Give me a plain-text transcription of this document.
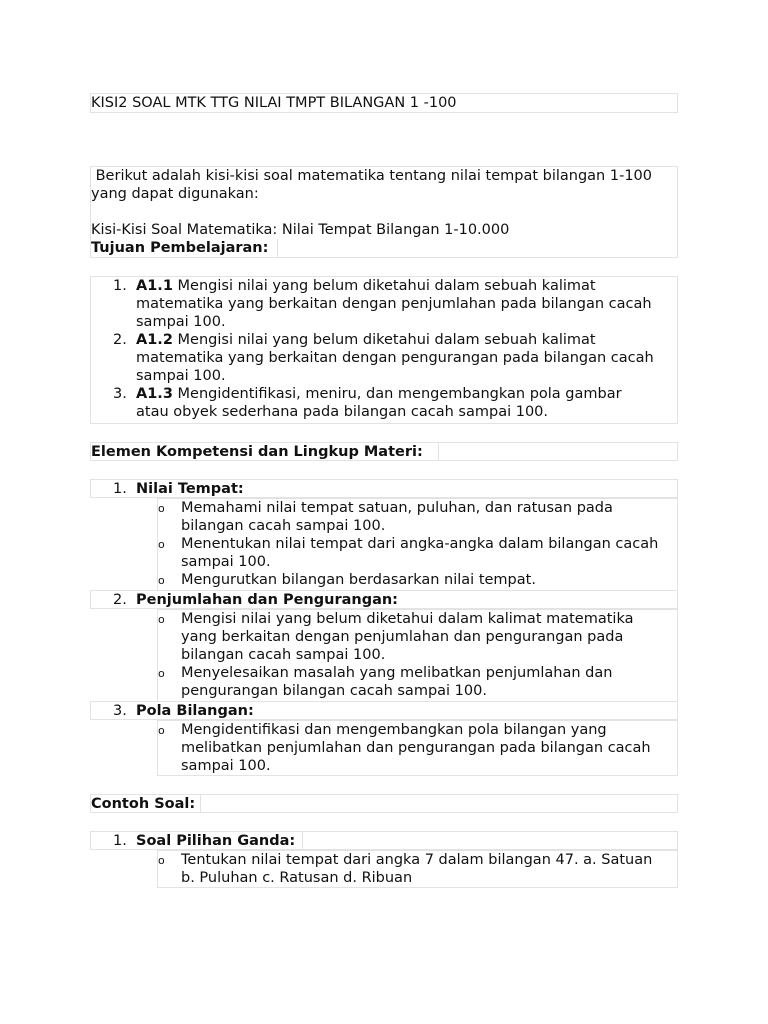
KISI2 SOAL MTK TTG NILAI TMPT BILANGAN 1 -100
Berikut adalah kisi-kisi soal matematika tentang nilai tempat bilangan 1-100
yang dapat digunakan:
Kisi-Kisi Soal Matematika: Nilai Tempat Bilangan 1-10.000
Tujuan Pembelajaran:
1. A1.1 Mengisi nilai yang belum diketahui dalam sebuah kalimat
matematika yang berkaitan dengan penjumlahan pada bilangan cacah
sampai 100.
2. A1.2 Mengisi nilai yang belum diketahui dalam sebuah kalimat
matematika yang berkaitan dengan pengurangan pada bilangan cacah
sampai 100.
3. A1.3 Mengidentifikasi, meniru, dan mengembangkan pola gambar
atau obyek sederhana pada bilangan cacah sampai 100.
Elemen Kompetensi dan Lingkup Materi:
1. Nilai Tempat:
o Memahami nilai tempat satuan, puluhan, dan ratusan pada
bilangan cacah sampai 100.
o Menentukan nilai tempat dari angka-angka dalam bilangan cacah
sampai 100.
o Mengurutkan bilangan berdasarkan nilai tempat.
2. Penjumlahan dan Pengurangan:
o Mengisi nilai yang belum diketahui dalam kalimat matematika
yang berkaitan dengan penjumlahan dan pengurangan pada
bilangan cacah sampai 100.
o Menyelesaikan masalah yang melibatkan penjumlahan dan
pengurangan bilangan cacah sampai 100.
3. Pola Bilangan:
o Mengidentifikasi dan mengembangkan pola bilangan yang
melibatkan penjumlahan dan pengurangan pada bilangan cacah
sampai 100.
Contoh Soal:
1. Soal Pilihan Ganda:
o Tentukan nilai tempat dari angka 7 dalam bilangan 47. a. Satuan
b. Puluhan c. Ratusan d. Ribuan
